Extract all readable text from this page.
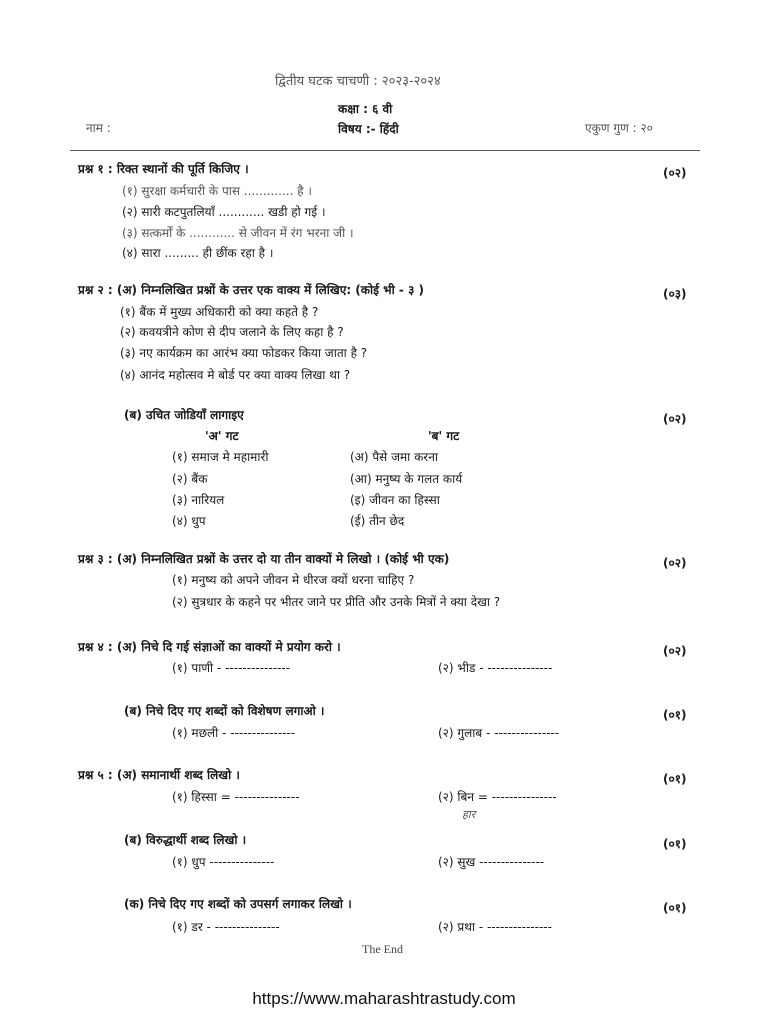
द्वितीय घटक चाचणी : २०२३-२०२४
कक्षा : ६ वी
नाम :	विषय :- हिंदी	एकुण गुण : २०
प्रश्न १ : रिक्त स्थानों की पूर्ति किजिए ।	(०२)
(१) सुरक्षा कर्मचारी के पास ............. है ।
(२) सारी कटपुतलियाँ ............ खडी हो गई ।
(३) सत्कर्मों के ............ से जीवन में रंग भरना जी ।
(४) सारा ......... ही छींक रहा है ।
प्रश्न २ : (अ) निम्नलिखित प्रश्नों के उत्तर एक वाक्य में लिखिए: (कोई भी - ३ )	(०३)
(१) बैंक में मुख्य अधिकारी को क्या कहते है ?
(२) कवयत्रीने कोण से दीप जलाने के लिए कहा है ?
(३) नए कार्यक्रम का आरंभ क्या फोडकर किया जाता है ?
(४) आनंद महोत्सव मे बोर्ड पर क्या वाक्य लिखा था ?
(ब) उचित जोडियाँ लागाइए	(०२)
'अ' गट	'ब' गट
(१) समाज मे महामारी	(अ) पैसे जमा करना
(२) बैंक	(आ) मनुष्य के गलत कार्य
(३) नारियल	(इ) जीवन का हिस्सा
(४) धुप	(ई) तीन छेद
प्रश्न ३ : (अ) निम्नलिखित प्रश्नों के उत्तर दो या तीन वाक्यों मे लिखो । (कोई भी एक)	(०२)
(१) मनुष्य को अपने जीवन मे धीरज क्यों धरना चाहिए ?
(२) सुत्रधार के कहने पर भीतर जाने पर प्रीति और उनके मित्रों ने क्या देखा ?
प्रश्न ४ : (अ) निचे दि गई संज्ञाओं का वाक्यों मे प्रयोग करो ।	(०२)
(१) पाणी - ---------------	(२) भीड - ---------------
(ब) निचे दिए गए शब्दों को विशेषण लगाओ ।	(०१)
(१) मछली - ---------------	(२) गुलाब - ---------------
प्रश्न ५ : (अ) समानार्थी शब्द लिखो ।	(०१)
(१) हिस्सा = ---------------	(२) बिन = ---------------
हार
(ब) विरुद्धार्थी शब्द लिखो ।	(०१)
(१) धुप ---------------	(२) सुख ---------------
(क) निचे दिए गए शब्दों को उपसर्ग लगाकर लिखो ।	(०१)
(१) डर - ---------------	(२) प्रथा - ---------------
The End
https://www.maharashtrastudy.com
